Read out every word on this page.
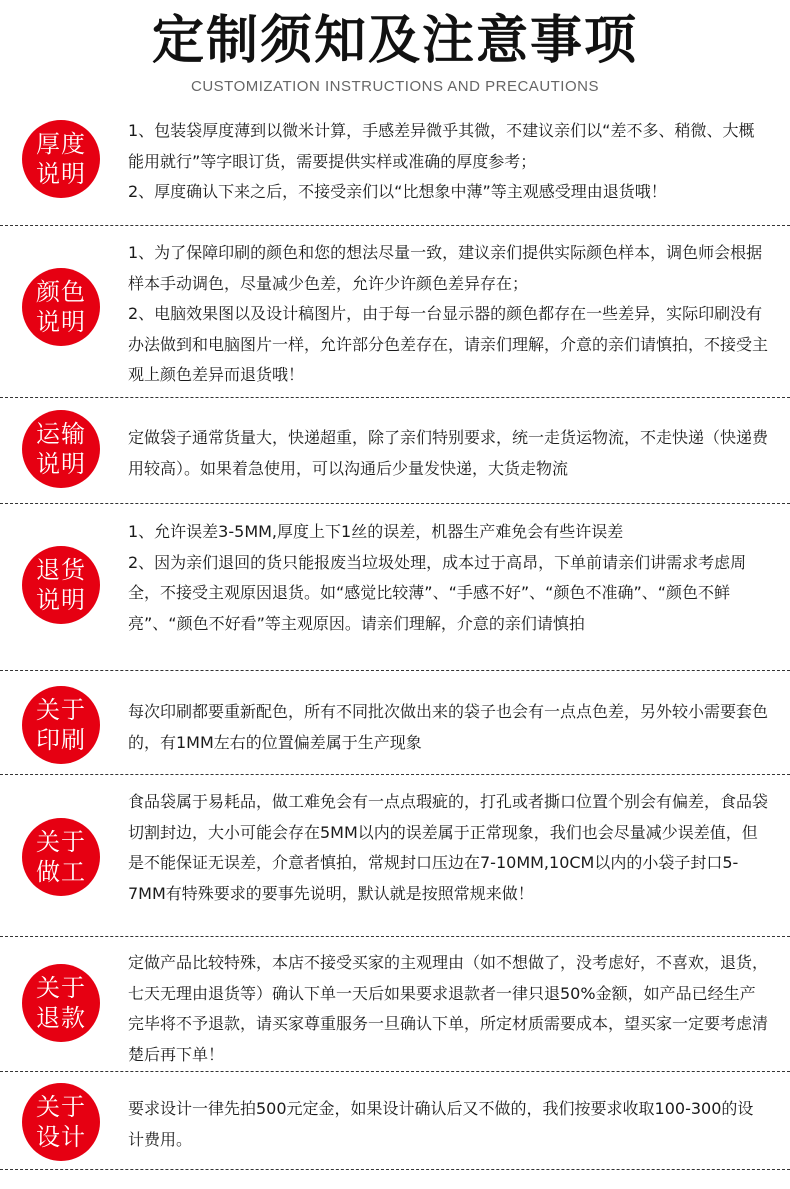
定制须知及注意事项
CUSTOMIZATION INSTRUCTIONS AND PRECAUTIONS
厚度
说明

1、包装袋厚度薄到以微米计算，手感差异微乎其微，不建议亲们以“差不多、稍微、大概能用就行”等字眼订货，需要提供实样或准确的厚度参考；

2、厚度确认下来之后，不接受亲们以“比想象中薄”等主观感受理由退货哦！

颜色
说明

1、为了保障印刷的颜色和您的想法尽量一致，建议亲们提供实际颜色样本，调色师会根据样本手动调色，尽量减少色差，允许少许颜色差异存在；

2、电脑效果图以及设计稿图片，由于每一台显示器的颜色都存在一些差异，实际印刷没有办法做到和电脑图片一样，允许部分色差存在，请亲们理解，介意的亲们请慎拍，不接受主观上颜色差异而退货哦！

运输
说明

定做袋子通常货量大，快递超重，除了亲们特别要求，统一走货运物流，不走快递（快递费用较高）。如果着急使用，可以沟通后少量发快递，大货走物流

退货
说明

1、允许误差3-5MM,厚度上下1丝的误差，机器生产难免会有些许误差

2、因为亲们退回的货只能报废当垃圾处理，成本过于高昂，下单前请亲们讲需求考虑周全，不接受主观原因退货。如“感觉比较薄”、“手感不好”、“颜色不准确”、“颜色不鲜亮”、“颜色不好看”等主观原因。请亲们理解，介意的亲们请慎拍

关于
印刷

每次印刷都要重新配色，所有不同批次做出来的袋子也会有一点点色差，另外较小需要套色的，有1MM左右的位置偏差属于生产现象

关于
做工

食品袋属于易耗品，做工难免会有一点点瑕疵的，打孔或者撕口位置个别会有偏差，食品袋切割封边，大小可能会存在5MM以内的误差属于正常现象，我们也会尽量减少误差值，但是不能保证无误差，介意者慎拍，常规封口压边在7-10MM,10CM以内的小袋子封口5-7MM有特殊要求的要事先说明，默认就是按照常规来做！

关于
退款

定做产品比较特殊，本店不接受买家的主观理由（如不想做了，没考虑好，不喜欢，退货，七天无理由退货等）确认下单一天后如果要求退款者一律只退50%金额，如产品已经生产完毕将不予退款，请买家尊重服务一旦确认下单，所定材质需要成本，望买家一定要考虑清楚后再下单！

关于
设计

要求设计一律先拍500元定金，如果设计确认后又不做的，我们按要求收取100-300的设计费用。
